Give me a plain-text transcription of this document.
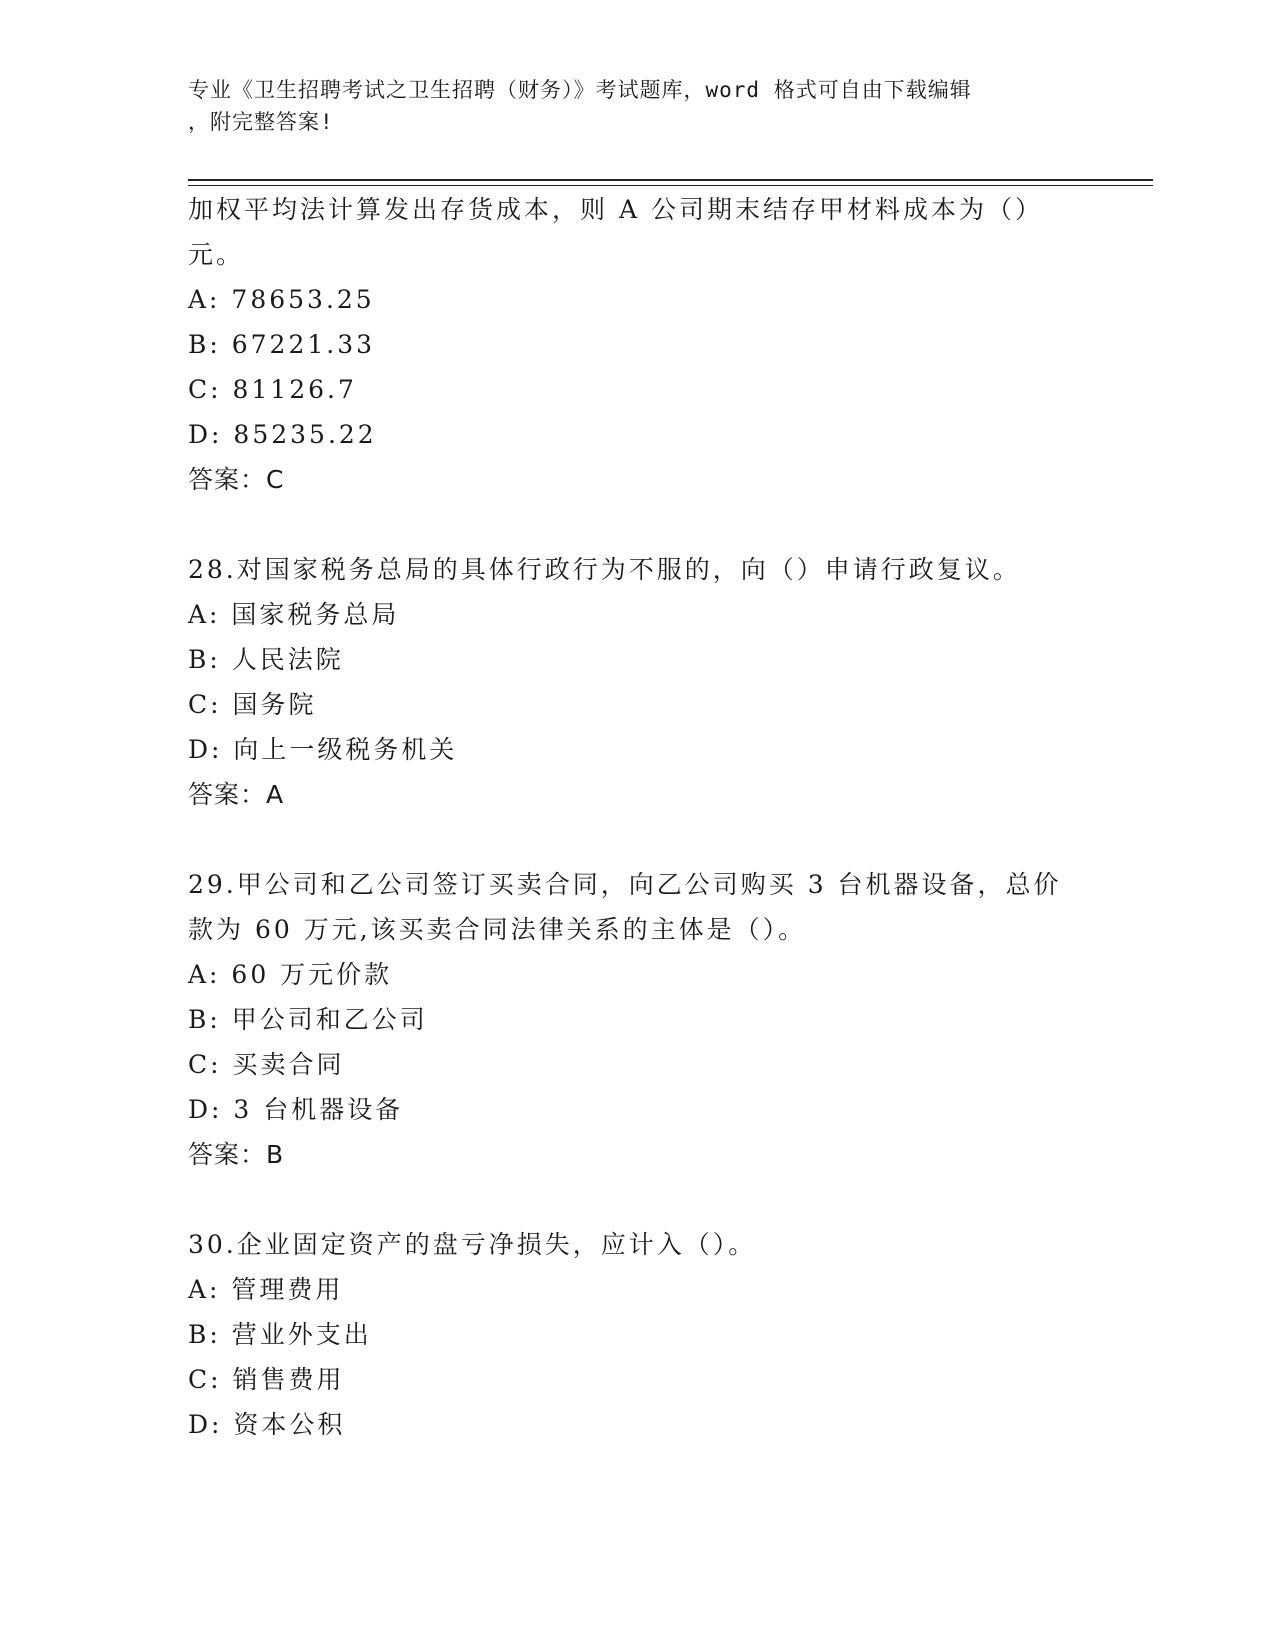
专业《卫生招聘考试之卫生招聘（财务）》考试题库，word 格式可自由下载编辑
，附完整答案!
加权平均法计算发出存货成本，则 A 公司期末结存甲材料成本为（）
元。
A: 78653.25
B: 67221.33
C: 81126.7
D: 85235.22
答案：C
28.对国家税务总局的具体行政行为不服的，向（）申请行政复议。
A: 国家税务总局
B: 人民法院
C: 国务院
D: 向上一级税务机关
答案：A
29.甲公司和乙公司签订买卖合同，向乙公司购买 3 台机器设备，总价
款为 60 万元,该买卖合同法律关系的主体是（）。
A: 60 万元价款
B: 甲公司和乙公司
C: 买卖合同
D: 3 台机器设备
答案：B
30.企业固定资产的盘亏净损失，应计入（）。
A: 管理费用
B: 营业外支出
C: 销售费用
D: 资本公积
